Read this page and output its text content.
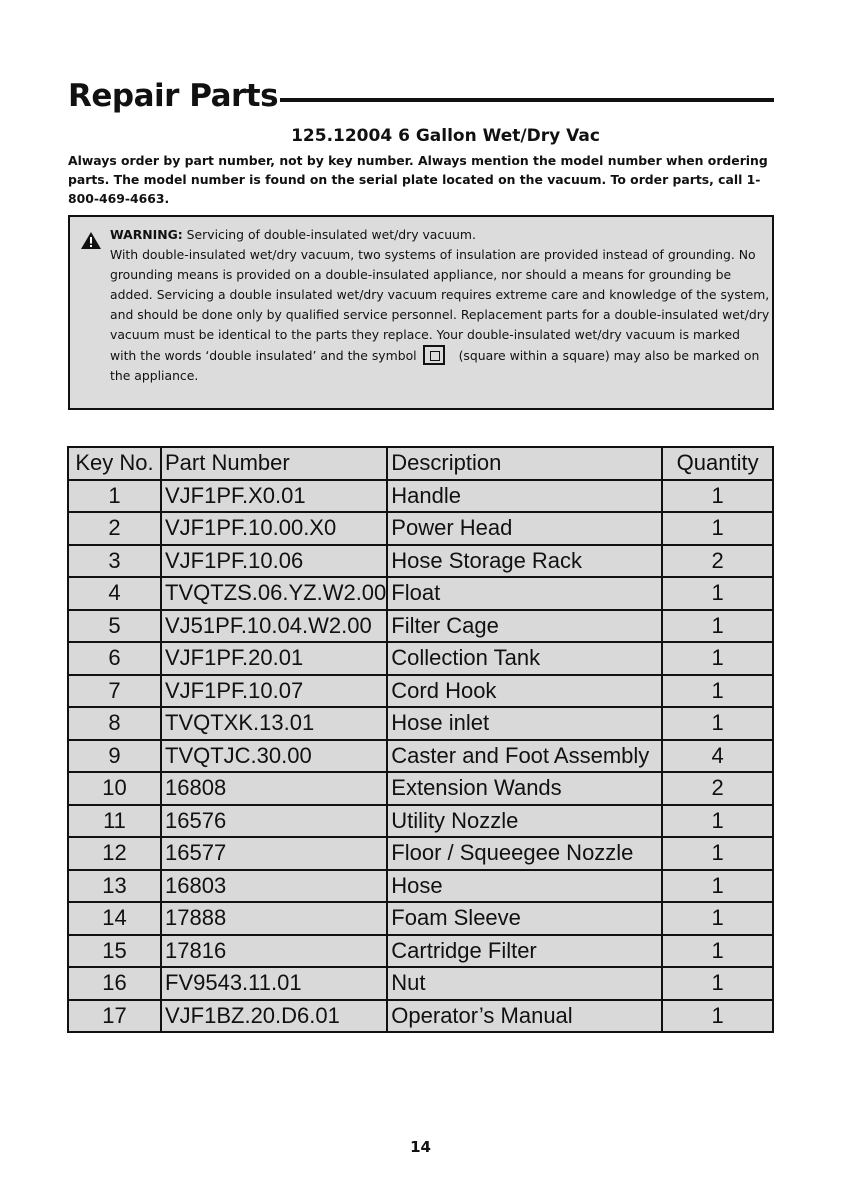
Repair Parts
125.12004 6 Gallon Wet/Dry Vac
Always order by part number, not by key number. Always mention the model number when ordering parts. The model number is found on the serial plate located on the vacuum. To order parts, call 1-800-469-4663.
WARNING: Servicing of double-insulated wet/dry vacuum.
With double-insulated wet/dry vacuum, two systems of insulation are provided instead of grounding. No grounding means is provided on a double-insulated appliance, nor should a means for grounding be added. Servicing a double insulated wet/dry vacuum requires extreme care and knowledge of the system, and should be done only by qualified service personnel. Replacement parts for a double-insulated wet/dry vacuum must be identical to the parts they replace. Your double-insulated wet/dry vacuum is marked with the words ‘double insulated’ and the symbol	(square within a square) may also be marked on the appliance.
Key No.	Part Number	Description	Quantity
1	VJF1PF.X0.01	Handle	1
2	VJF1PF.10.00.X0	Power Head	1
3	VJF1PF.10.06	Hose Storage Rack	2
4	TVQTZS.06.YZ.W2.00	Float	1
5	VJ51PF.10.04.W2.00	Filter Cage	1
6	VJF1PF.20.01	Collection Tank	1
7	VJF1PF.10.07	Cord Hook	1
8	TVQTXK.13.01	Hose inlet	1
9	TVQTJC.30.00	Caster and Foot Assembly	4
10	16808	Extension Wands	2
11	16576	Utility Nozzle	1
12	16577	Floor / Squeegee Nozzle	1
13	16803	Hose	1
14	17888	Foam Sleeve	1
15	17816	Cartridge Filter	1
16	FV9543.11.01	Nut	1
17	VJF1BZ.20.D6.01	Operator’s Manual	1
14
